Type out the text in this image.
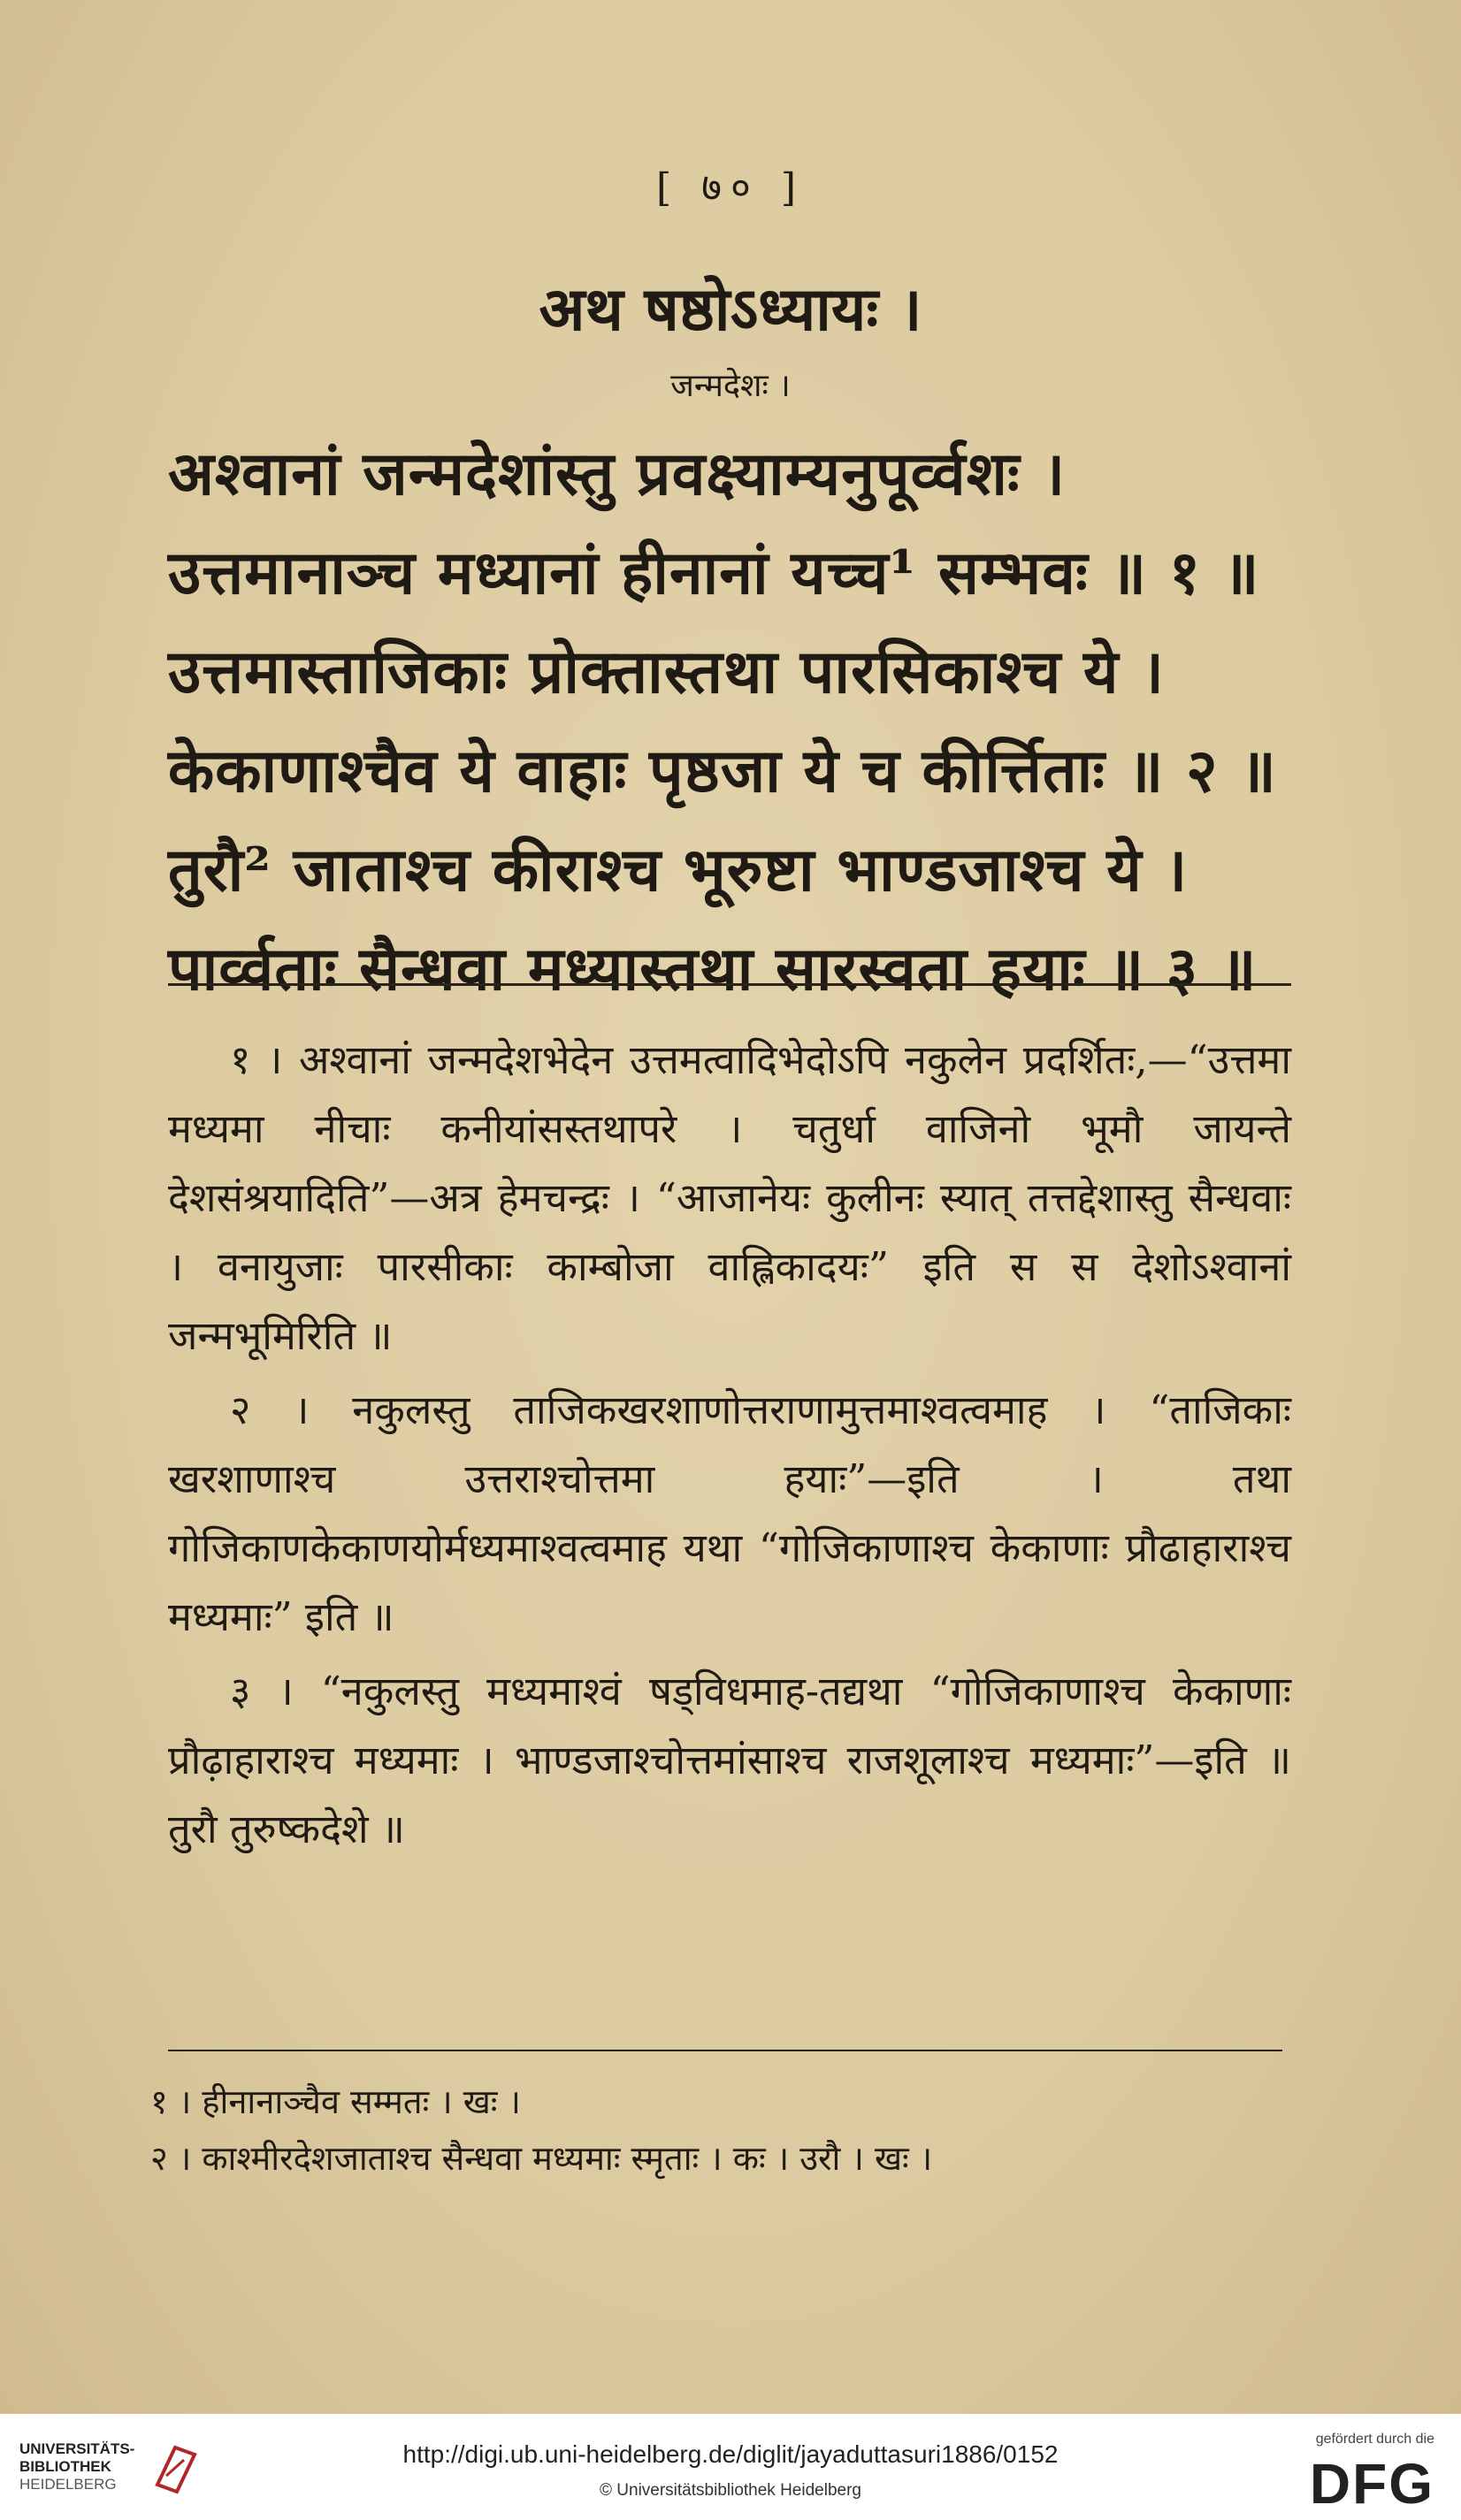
[ ७० ]
अथ षष्ठोऽध्यायः ।
जन्मदेशः ।
अश्वानां जन्मदेशांस्तु प्रवक्ष्याम्यनुपूर्व्वशः ।
उत्तमानाञ्च मध्यानां हीनानां यच्च¹ सम्भवः ॥ १ ॥
उत्तमास्ताजिकाः प्रोक्तास्तथा पारसिकाश्च ये ।
केकाणाश्चैव ये वाहाः पृष्ठजा ये च कीर्त्तिताः ॥ २ ॥
तुरौ² जाताश्च कीराश्च भूरुष्टा भाण्डजाश्च ये ।
पार्व्वताः सैन्धवा मध्यास्तथा सारस्वता हयाः ॥ ३ ॥

१ । अश्वानां जन्मदेशभेदेन उत्तमत्वादिभेदोऽपि नकुलेन प्रदर्शितः,—“उत्तमा मध्यमा नीचाः कनीयांसस्तथापरे । चतुर्धा वाजिनो भूमौ जायन्ते देशसंश्रयादिति”—अत्र हेमचन्द्रः । “आजानेयः कुलीनः स्यात् तत्तद्देशास्तु सैन्धवाः । वनायुजाः पारसीकाः काम्बोजा वाह्लिकादयः” इति स स देशोऽश्वानां जन्मभूमिरिति ॥

२ । नकुलस्तु ताजिकखरशाणोत्तराणामुत्तमाश्वत्वमाह । “ताजिकाः खरशाणाश्च उत्तराश्चोत्तमा हयाः”—इति । तथा गोजिकाणकेकाणयोर्मध्यमाश्वत्वमाह यथा “गोजिकाणाश्च केकाणाः प्रौढाहाराश्च मध्यमाः” इति ॥

३ । “नकुलस्तु मध्यमाश्वं षड्विधमाह-तद्यथा “गोजिकाणाश्च केकाणाः प्रौढ़ाहाराश्च मध्यमाः । भाण्डजाश्चोत्तमांसाश्च राजशूलाश्च मध्यमाः”—इति ॥ तुरौ तुरुष्कदेशे ॥

१ । हीनानाञ्चैव सम्मतः । खः ।
२ । काश्मीरदेशजाताश्च सैन्धवा मध्यमाः स्मृताः । कः । उरौ । खः ।
UNIVERSITÄTS-
BIBLIOTHEK
HEIDELBERG
http://digi.ub.uni-heidelberg.de/diglit/jayaduttasuri1886/0152
© Universitätsbibliothek Heidelberg
gefördert durch die
DFG
